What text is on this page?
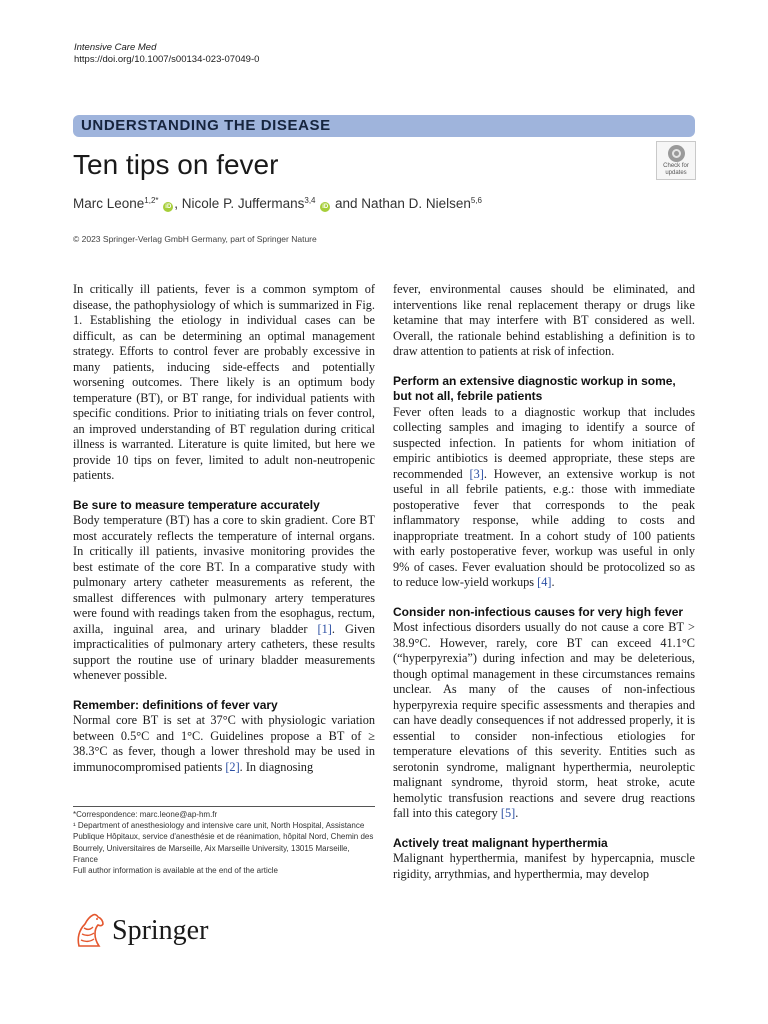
Intensive Care Med
https://doi.org/10.1007/s00134-023-07049-0
UNDERSTANDING THE DISEASE
Ten tips on fever	Check for
updates
Marc Leone$^{1,2*}$ iD , Nicole P. Juffermans$^{3,4}$ iD and Nathan D. Nielsen$^{5,6}$
© 2023 Springer-Verlag GmbH Germany, part of Springer Nature

In critically ill patients, fever is a common symptom of disease, the pathophysiology of which is summarized in Fig. 1. Establishing the etiology in individual cases can be difficult, as can be determining an optimal management strategy. Efforts to control fever are probably excessive in many patients, inducing side-effects and potentially worsening outcomes. There likely is an optimum body temperature (BT), or BT range, for individual patients with specific conditions. Prior to initiating trials on fever control, an improved understanding of BT regulation during critical illness is warranted. Literature is quite limited, but here we provide 10 tips on fever, limited to adult non-neutropenic patients.

Be sure to measure temperature accurately

Body temperature (BT) has a core to skin gradient. Core BT most accurately reflects the temperature of internal organs. In critically ill patients, invasive monitoring provides the best estimate of the core BT. In a comparative study with pulmonary artery catheter measurements as referent, the smallest differences with pulmonary artery temperatures were found with readings taken from the esophagus, rectum, axilla, inguinal area, and urinary bladder [1]. Given impracticalities of pulmonary artery catheters, these results support the routine use of urinary bladder measurements whenever possible.

Remember: definitions of fever vary

Normal core BT is set at 37°C with physiologic variation between 0.5°C and 1°C. Guidelines propose a BT of ≥ 38.3°C as fever, though a lower threshold may be used in immunocompromised patients [2]. In diagnosing

*Correspondence: marc.leone@ap-hm.fr
¹ Department of anesthesiology and intensive care unit, North Hospital, Assistance Publique Hôpitaux, service d'anesthésie et de réanimation, hôpital Nord, Chemin des Bourrely, Universitaires de Marseille, Aix Marseille University, 13015 Marseille, France
Full author information is available at the end of the article

fever, environmental causes should be eliminated, and interventions like renal replacement therapy or drugs like ketamine that may interfere with BT considered as well. Overall, the rationale behind establishing a definition is to draw attention to patients at risk of infection.

Perform an extensive diagnostic workup in some, but not all, febrile patients

Fever often leads to a diagnostic workup that includes collecting samples and imaging to identify a source of suspected infection. In patients for whom initiation of empiric antibiotics is deemed appropriate, these steps are recommended [3]. However, an extensive workup is not useful in all febrile patients, e.g.: those with immediate postoperative fever that corresponds to the peak inflammatory response, while adding to costs and inappropriate treatment. In a cohort study of 100 patients with early postoperative fever, workup was useful in only 9% of cases. Fever evaluation should be protocolized so as to reduce low-yield workups [4].

Consider non-infectious causes for very high fever

Most infectious disorders usually do not cause a core BT > 38.9°C. However, rarely, core BT can exceed 41.1°C (“hyperpyrexia”) during infection and may be deleterious, though optimal management in these circumstances remains unclear. As many of the causes of non-infectious hyperpyrexia require specific assessments and therapies and can have deadly consequences if not addressed properly, it is essential to consider non-infectious etiologies for temperature elevations of this severity. Entities such as serotonin syndrome, malignant hyperthermia, neuroleptic malignant syndrome, thyroid storm, heat stroke, acute hemolytic transfusion reactions and severe drug reactions fall into this category [5].

Actively treat malignant hyperthermia

Malignant hyperthermia, manifest by hypercapnia, muscle rigidity, arrythmias, and hyperthermia, may develop

Springer
